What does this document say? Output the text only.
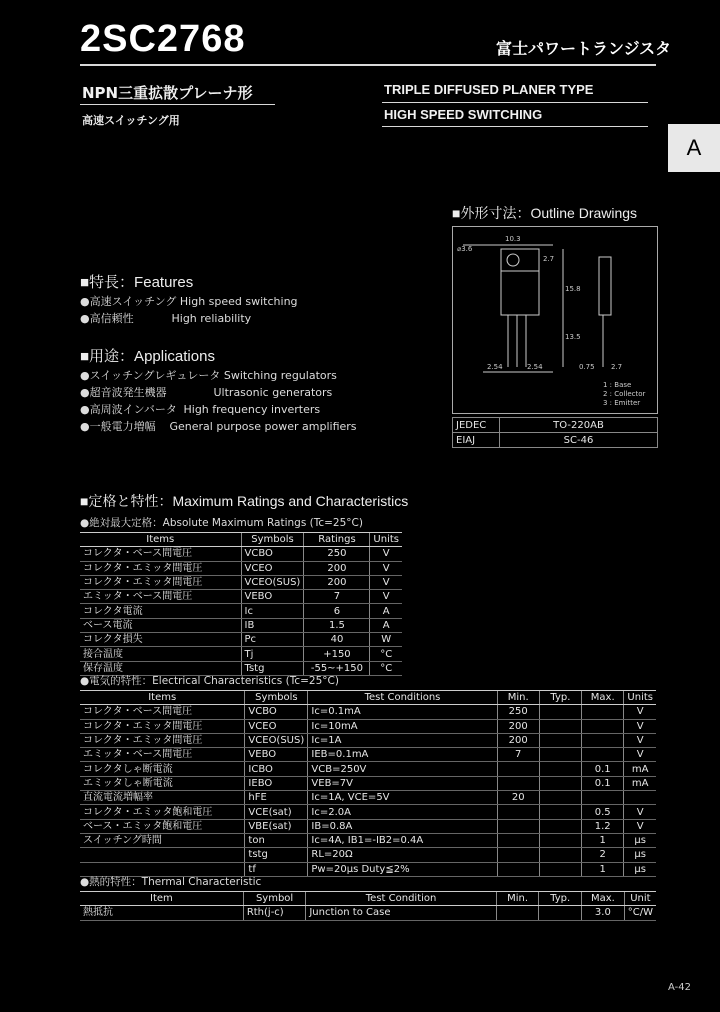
2SC2768	富士パワートランジスタ
NPN三重拡散プレーナ形
高速スイッチング用
TRIPLE DIFFUSED PLANER TYPE
HIGH SPEED SWITCHING
A
■外形寸法：Outline Drawings
⌀3.6
10.3
2.7
15.8
2.54	2.54	0.75 2.7
13.5
1 : Base
2 : Collector
3 : Emitter
JEDEC	TO-220AB
EIAJ	SC-46
■特長：Features
●高速スイッチング High speed switching
●高信頼性	High reliability
■用途：Applications
●スイッチングレギュレータ Switching regulators
●超音波発生機器	Ultrasonic generators
●高周波インバータ High frequency inverters
●一般電力増幅 General purpose power amplifiers
■定格と特性：Maximum Ratings and Characteristics
●絶対最大定格：Absolute Maximum Ratings (Tc=25°C)
Items	Symbols	Ratings	Units
コレクタ・ベース間電圧	VCBO	250	V
コレクタ・エミッタ間電圧	VCEO	200	V
コレクタ・エミッタ間電圧	VCEO(SUS)	200	V
エミッタ・ベース間電圧	VEBO	7	V
コレクタ電流	Ic	6	A
ベース電流	IB	1.5	A
コレクタ損失	Pc	40	W
接合温度	Tj	+150	°C
保存温度	Tstg	-55~+150	°C
●電気的特性：Electrical Characteristics (Tc=25°C)
Items	Symbols	Test Conditions	Min.	Typ.	Max.	Units
コレクタ・ベース間電圧	VCBO	Ic=0.1mA	250			V
コレクタ・エミッタ間電圧	VCEO	Ic=10mA	200			V
コレクタ・エミッタ間電圧	VCEO(SUS)	Ic=1A	200			V
エミッタ・ベース間電圧	VEBO	IEB=0.1mA	7			V
コレクタしゃ断電流	ICBO	VCB=250V			0.1	mA
エミッタしゃ断電流	IEBO	VEB=7V			0.1	mA
直流電流増幅率	hFE	Ic=1A, VCE=5V	20			
コレクタ・エミッタ飽和電圧	VCE(sat)	Ic=2.0A			0.5	V
ベース・エミッタ飽和電圧	VBE(sat)	IB=0.8A			1.2	V
スイッチング時間	ton	Ic=4A, IB1=-IB2=0.4A			1	μs
	tstg	RL=20Ω			2	μs
	tf	Pw=20μs Duty≦2%			1	μs
●熱的特性：Thermal Characteristic
Item	Symbol	Test Condition	Min.	Typ.	Max.	Unit
熱抵抗	Rth(j-c)	Junction to Case			3.0	°C/W
A-42
